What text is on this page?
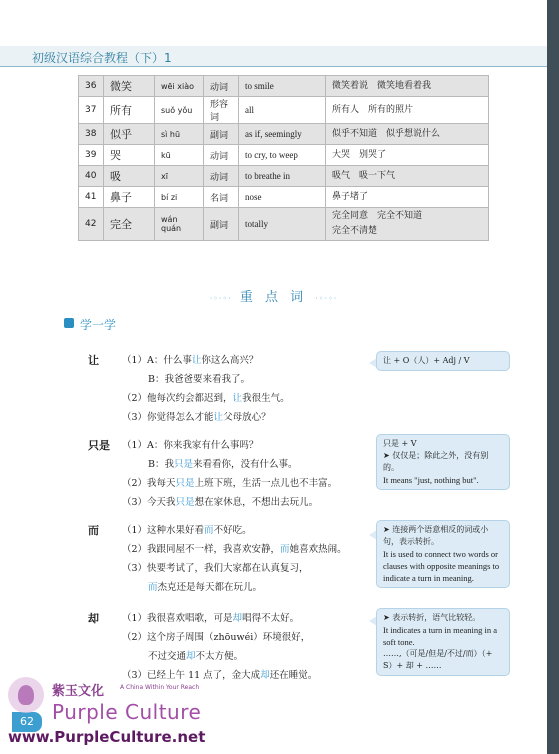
初级汉语综合教程（下）1
36	微笑	wēi xiào	动词	to smile	微笑着说　微笑地看着我

37	所有	suǒ yǒu	形容词	all	所有人　所有的照片

38	似乎	sì hū	副词	as if, seemingly	似乎不知道　似乎想说什么

39	哭	kū	动词	to cry, to weep	大哭　别哭了

40	吸	xī	动词	to breathe in	吸气　吸一下气

41	鼻子	bí zi	名词	nose	鼻子堵了

42	完全	wán quán	副词	totally	完全同意　完全不知道
完全不清楚
·◦·◦· 重 点 词 ·◦·◦·
学一学
让 （1）A：什么事让你这么高兴？
B：我爸爸要来看我了。
（2）他每次约会都迟到，让我很生气。
（3）你觉得怎么才能让父母放心？
让 + O（人）+ Adj / V
只是 （1）A：你来我家有什么事吗？
B：我只是来看看你，没有什么事。
（2）我每天只是上班下班，生活一点儿也不丰富。
（3）今天我只是想在家休息，不想出去玩儿。
只是 + V
➤ 仅仅是；除此之外，没有别的。
It means "just, nothing but".
而 （1）这种水果好看而不好吃。
（2）我跟同屋不一样，我喜欢安静，而她喜欢热闹。
（3）快要考试了，我们大家都在认真复习，
而杰克还是每天都在玩儿。
➤ 连接两个语意相反的词或小句，表示转折。
It is used to connect two words or clauses with opposite meanings to indicate a turn in meaning.
却 （1）我很喜欢唱歌，可是却唱得不太好。
（2）这个房子周围（zhōuwéi）环境很好，
不过交通却不太方便。
（3）已经上午 11 点了，金大成却还在睡觉。
➤ 表示转折，语气比较轻。
It indicates a turn in meaning in a soft tone.
……,（可是/但是/不过/而）（+ S）+ 却 + ……
62
紫玉文化	A China Within Your Reach
Purple Culture
www.PurpleCulture.net
